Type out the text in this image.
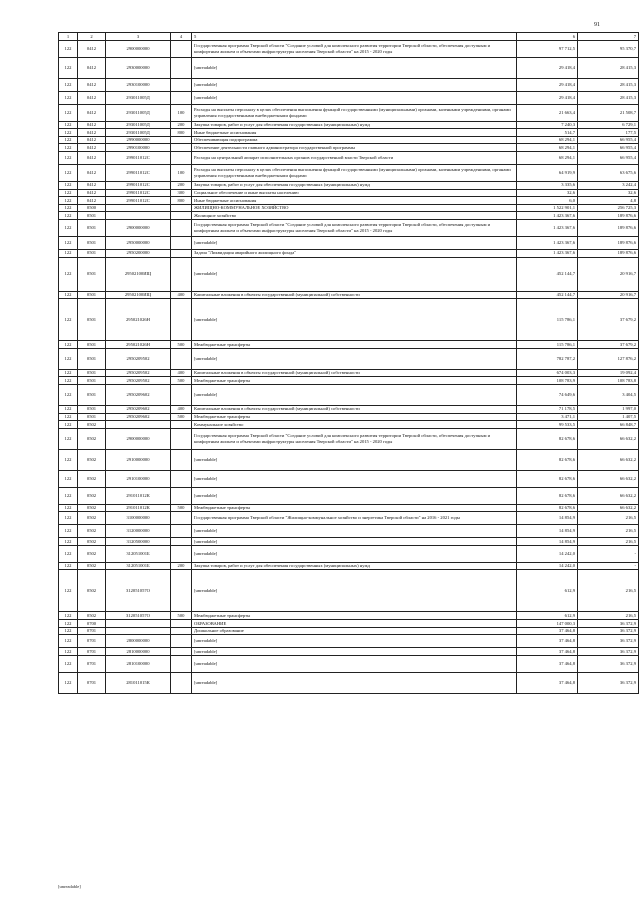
91
1	2	3	4	5	6	7
122	0412	2900000000		Государственная программа Тверской области "Создание условий для комплексного развития территории Тверской области, обеспечения доступным и комфортным жильем и объектами инфраструктуры населения Тверской области" на 2015 - 2020 годы	97 712,5	95 370,7
122	0412	2930000000		[unreadable]	29 418,4	28 415,3
122	0412	2930100000		[unreadable]	29 418,4	28 415,3
122	0412	293011005Д		[unreadable]	29 418,4	28 415,3
122	0412	293011005Д	100	Расходы на выплаты персоналу в целях обеспечения выполнения функций государственными (муниципальными) органами, казенными учреждениями, органами управления государственными внебюджетными фондами	21 663,4	21 508,7
122	0412	293011005Д	200	Закупка товаров, работ и услуг для обеспечения государственных (муниципальных) нужд	7 240,3	6 729,1
122	0412	293011005Д	800	Иные бюджетные ассигнования	514,7	177,5
122	0412	2990000000		Обеспечивающая подпрограмма	68 294,1	66 955,4
122	0412	2990100000		Обеспечение деятельности главного администратора государственной программы	68 294,1	66 955,4
122	0412	299011012С		Расходы на центральный аппарат исполнительных органов государственной власти Тверской области	68 294,1	66 955,4
122	0412	299011012С	100	Расходы на выплаты персоналу в целях обеспечения выполнения функций государственными (муниципальными) органами, казенными учреждениями, органами управления государственными внебюджетными фондами	64 919,9	63 675,6
122	0412	299011012С	200	Закупка товаров, работ и услуг для обеспечения государственных (муниципальных) нужд	3 335,6	3 242,4
122	0412	299011012С	300	Социальное обеспечение и иные выплаты населению	32,6	32,6
122	0412	299011012С	800	Иные бюджетные ассигнования	6,0	4,8
122	0500			ЖИЛИЩНО-КОММУНАЛЬНОЕ ХОЗЯЙСТВО	1 522 901,1	256 725,3
122	0501			Жилищное хозяйство	1 423 367,6	189 876,6
122	0501	2900000000		Государственная программа Тверской области "Создание условий для комплексного развития территории Тверской области, обеспечения доступным и комфортным жильем и объектами инфраструктуры населения Тверской области" на 2015 - 2020 годы	1 423 367,6	189 876,6
122	0501	2950000000		[unreadable]	1 423 367,6	189 876,6
122	0501	2950200000		Задача "Ликвидация аварийного жилищного фонда"	1 423 367,6	189 876,6
122	0501	29502100ИЩ		[unreadable]	452 144,7	20 916,7
122	0501	29502100ИЩ	400	Капитальные вложения в объекты государственной (муниципальной) собственности	452 144,7	20 916,7
122	0501	295021026Н		[unreadable]	115 786,1	37 679,2
122	0501	295021026Н	500	Межбюджетные трансферты	115 786,1	37 679,2
122	0501	2950209502		[unreadable]	782 787,2	127 876,2
122	0501	2950209502	400	Капитальные вложения в объекты государственной (муниципальной) собственности	674 003,3	19 092,4
122	0501	2950209502	500	Межбюджетные трансферты	108 783,9	108 783,8
122	0501	2950209602		[unreadable]	74 649,6	3 404,5
122	0501	2950209602	400	Капитальные вложения в объекты государственной (муниципальной) собственности	71 178,5	1 997,0
122	0501	2950209602	500	Межбюджетные трансферты	3 471,1	1 407,5
122	0502			Коммунальное хозяйство	99 533,5	66 848,7
122	0502	2900000000		Государственная программа Тверской области "Создание условий для комплексного развития территории Тверской области, обеспечения доступным и комфортным жильем и объектами инфраструктуры населения Тверской области" на 2015 - 2020 годы	82 678,6	66 632,2
122	0502	2910000000		[unreadable]	82 678,6	66 632,2
122	0502	2910100000		[unreadable]	82 678,6	66 632,2
122	0502	291011012К		[unreadable]	82 678,6	66 632,2
122	0502	291011012К	500	Межбюджетные трансферты	82 678,6	66 632,2
122	0502	3100000000		Государственная программа Тверской области "Жилищно-коммунальное хозяйство и энергетика Тверской области" на 2016 - 2021 годы	14 854,9	216,5
122	0502	3120000000		[unreadable]	14 854,9	216,5
122	0502	3120500000		[unreadable]	14 854,9	216,5
122	0502	312051001Б		[unreadable]	14 242,0	-
122	0502	312051001Б	200	Закупка товаров, работ и услуг для обеспечения государственных (муниципальных) нужд	14 242,0	-
122	0502	312051057О		[unreadable]	612,9	216,5
122	0502	312051057О	500	Межбюджетные трансферты	612,9	216,5
122	0700			ОБРАЗОВАНИЕ	147 000,3	36 372,9
122	0701			Дошкольное образование	37 464,8	36 372,9
122	0701	2800000000		[unreadable]	37 464,8	36 372,9
122	0701	2810000000		[unreadable]	37 464,8	36 372,9
122	0701	2810100000		[unreadable]	37 464,8	36 372,9
122	0701	281011015К		[unreadable]	37 464,8	36 372,9
[unreadable]
